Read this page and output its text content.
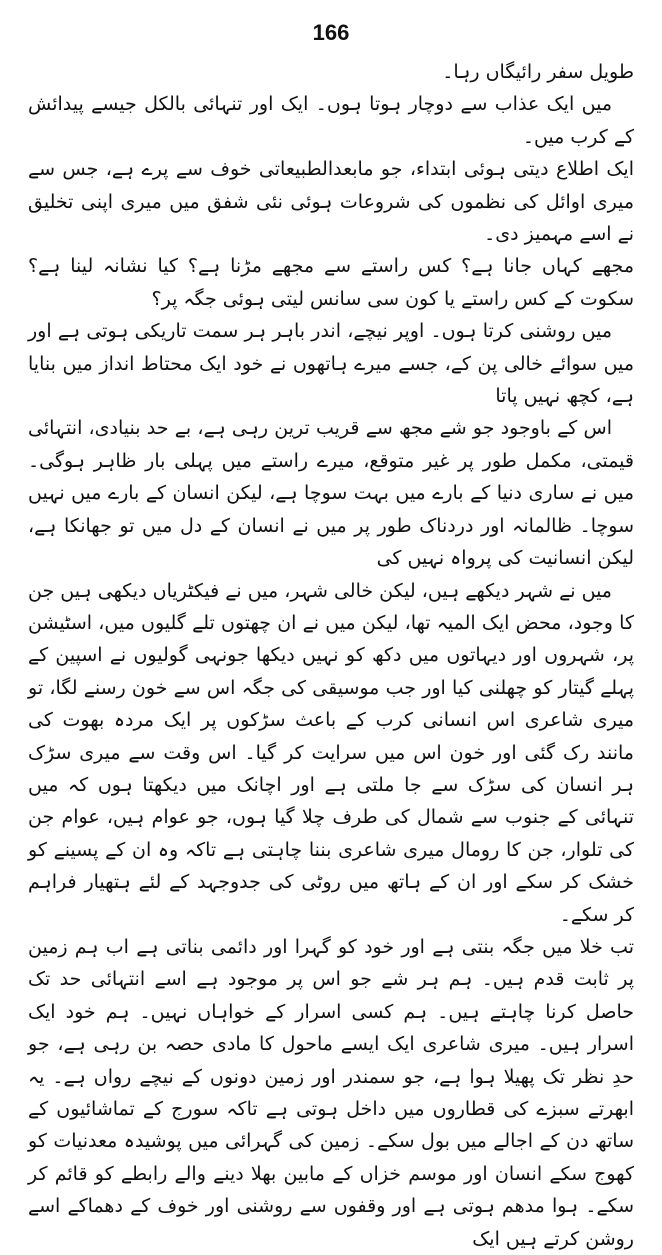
166

طویل سفر رائیگاں رہا۔

میں ایک عذاب سے دوچار ہوتا ہوں۔ ایک اور تنہائی بالکل جیسے پیدائش کے کرب میں۔

ایک اطلاع دیتی ہوئی ابتداء، جو مابعدالطبیعاتی خوف سے پرے ہے، جس سے میری اوائل کی نظموں کی شروعات ہوئی نئی شفق میں میری اپنی تخلیق نے اسے مہمیز دی۔

مجھے کہاں جانا ہے؟ کس راستے سے مجھے مڑنا ہے؟ کیا نشانہ لینا ہے؟ سکوت کے کس راستے یا کون سی سانس لیتی ہوئی جگہ پر؟

میں روشنی کرتا ہوں۔ اوپر نیچے، اندر باہر ہر سمت تاریکی ہوتی ہے اور میں سوائے خالی پن کے، جسے میرے ہاتھوں نے خود ایک محتاط انداز میں بنایا ہے، کچھ نہیں پاتا

اس کے باوجود جو شے مجھ سے قریب ترین رہی ہے، بے حد بنیادی، انتہائی قیمتی، مکمل طور پر غیر متوقع، میرے راستے میں پہلی بار ظاہر ہوگی۔ میں نے ساری دنیا کے بارے میں بہت سوچا ہے، لیکن انسان کے بارے میں نہیں سوچا۔ ظالمانہ اور دردناک طور پر میں نے انسان کے دل میں تو جھانکا ہے، لیکن انسانیت کی پرواہ نہیں کی

میں نے شہر دیکھے ہیں، لیکن خالی شہر، میں نے فیکٹریاں دیکھی ہیں جن کا وجود، محض ایک المیہ تھا، لیکن میں نے ان چھتوں تلے گلیوں میں، اسٹیشن پر، شہروں اور دیہاتوں میں دکھ کو نہیں دیکھا جونہی گولیوں نے اسپین کے پہلے گیتار کو چھلنی کیا اور جب موسیقی کی جگہ اس سے خون رسنے لگا، تو میری شاعری اس انسانی کرب کے باعث سڑکوں پر ایک مردہ بھوت کی مانند رک گئی اور خون اس میں سرایت کر گیا۔ اس وقت سے میری سڑک ہر انسان کی سڑک سے جا ملتی ہے اور اچانک میں دیکھتا ہوں کہ میں تنہائی کے جنوب سے شمال کی طرف چلا گیا ہوں، جو عوام ہیں، عوام جن کی تلوار، جن کا رومال میری شاعری بننا چاہتی ہے تاکہ وہ ان کے پسینے کو خشک کر سکے اور ان کے ہاتھ میں روٹی کی جدوجہد کے لئے ہتھیار فراہم کر سکے۔

تب خلا میں جگہ بنتی ہے اور خود کو گہرا اور دائمی بناتی ہے اب ہم زمین پر ثابت قدم ہیں۔ ہم ہر شے جو اس پر موجود ہے اسے انتہائی حد تک حاصل کرنا چاہتے ہیں۔ ہم کسی اسرار کے خواہاں نہیں۔ ہم خود ایک اسرار ہیں۔ میری شاعری ایک ایسے ماحول کا مادی حصہ بن رہی ہے، جو حدِ نظر تک پھیلا ہوا ہے، جو سمندر اور زمین دونوں کے نیچے رواں ہے۔ یہ ابھرتے سبزے کی قطاروں میں داخل ہوتی ہے تاکہ سورج کے تماشائیوں کے ساتھ دن کے اجالے میں بول سکے۔ زمین کی گہرائی میں پوشیدہ معدنیات کو کھوج سکے انسان اور موسم خزاں کے مابین بھلا دینے والے رابطے کو قائم کر سکے۔ ہوا مدھم ہوتی ہے اور وقفوں سے روشنی اور خوف کے دھماکے اسے روشن کرتے ہیں ایک
